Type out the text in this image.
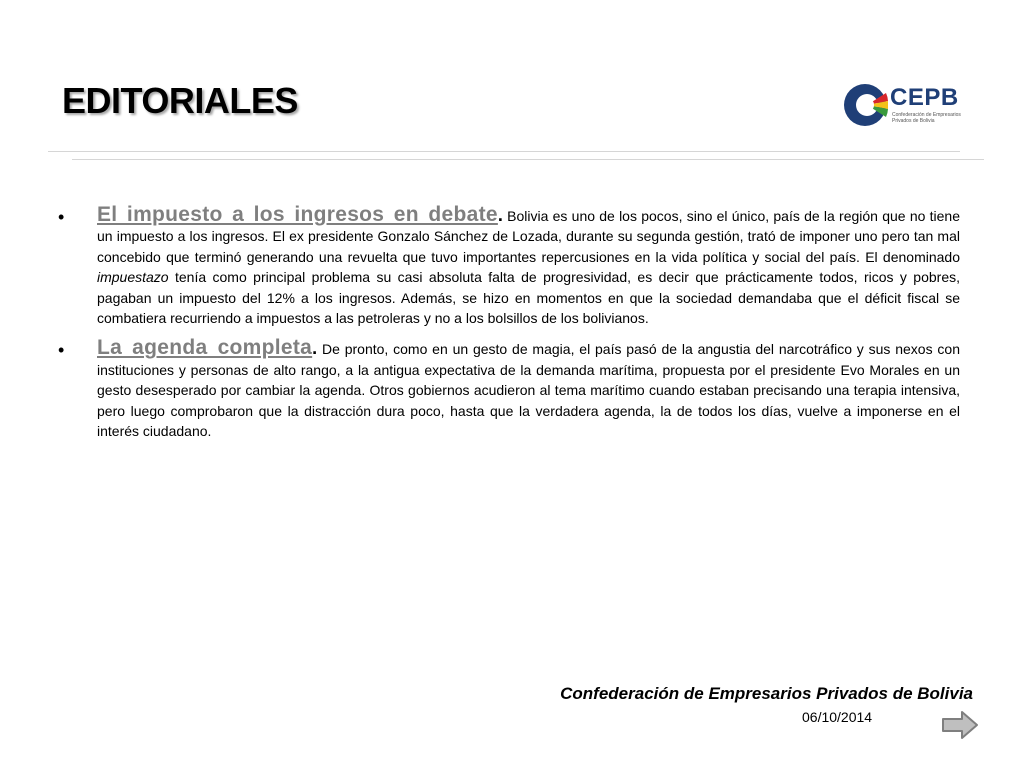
EDITORIALES	CEPB
Confederación de Empresarios Privados de Bolivia
• El impuesto a los ingresos en debate. Bolivia es uno de los pocos, sino el único, país de la región que no tiene un impuesto a los ingresos. El ex presidente Gonzalo Sánchez de Lozada, durante su segunda gestión, trató de imponer uno pero tan mal concebido que terminó generando una revuelta que tuvo importantes repercusiones en la vida política y social del país. El denominado impuestazo tenía como principal problema su casi absoluta falta de progresividad, es decir que prácticamente todos, ricos y pobres, pagaban un impuesto del 12% a los ingresos. Además, se hizo en momentos en que la sociedad demandaba que el déficit fiscal se combatiera recurriendo a impuestos a las petroleras y no a los bolsillos de los bolivianos.
• La agenda completa. De pronto, como en un gesto de magia, el país pasó de la angustia del narcotráfico y sus nexos con instituciones y personas de alto rango, a la antigua expectativa de la demanda marítima, propuesta por el presidente Evo Morales en un gesto desesperado por cambiar la agenda. Otros gobiernos acudieron al tema marítimo cuando estaban precisando una terapia intensiva, pero luego comprobaron que la distracción dura poco, hasta que la verdadera agenda, la de todos los días, vuelve a imponerse en el interés ciudadano.
Confederación de Empresarios Privados de Bolivia
06/10/2014
